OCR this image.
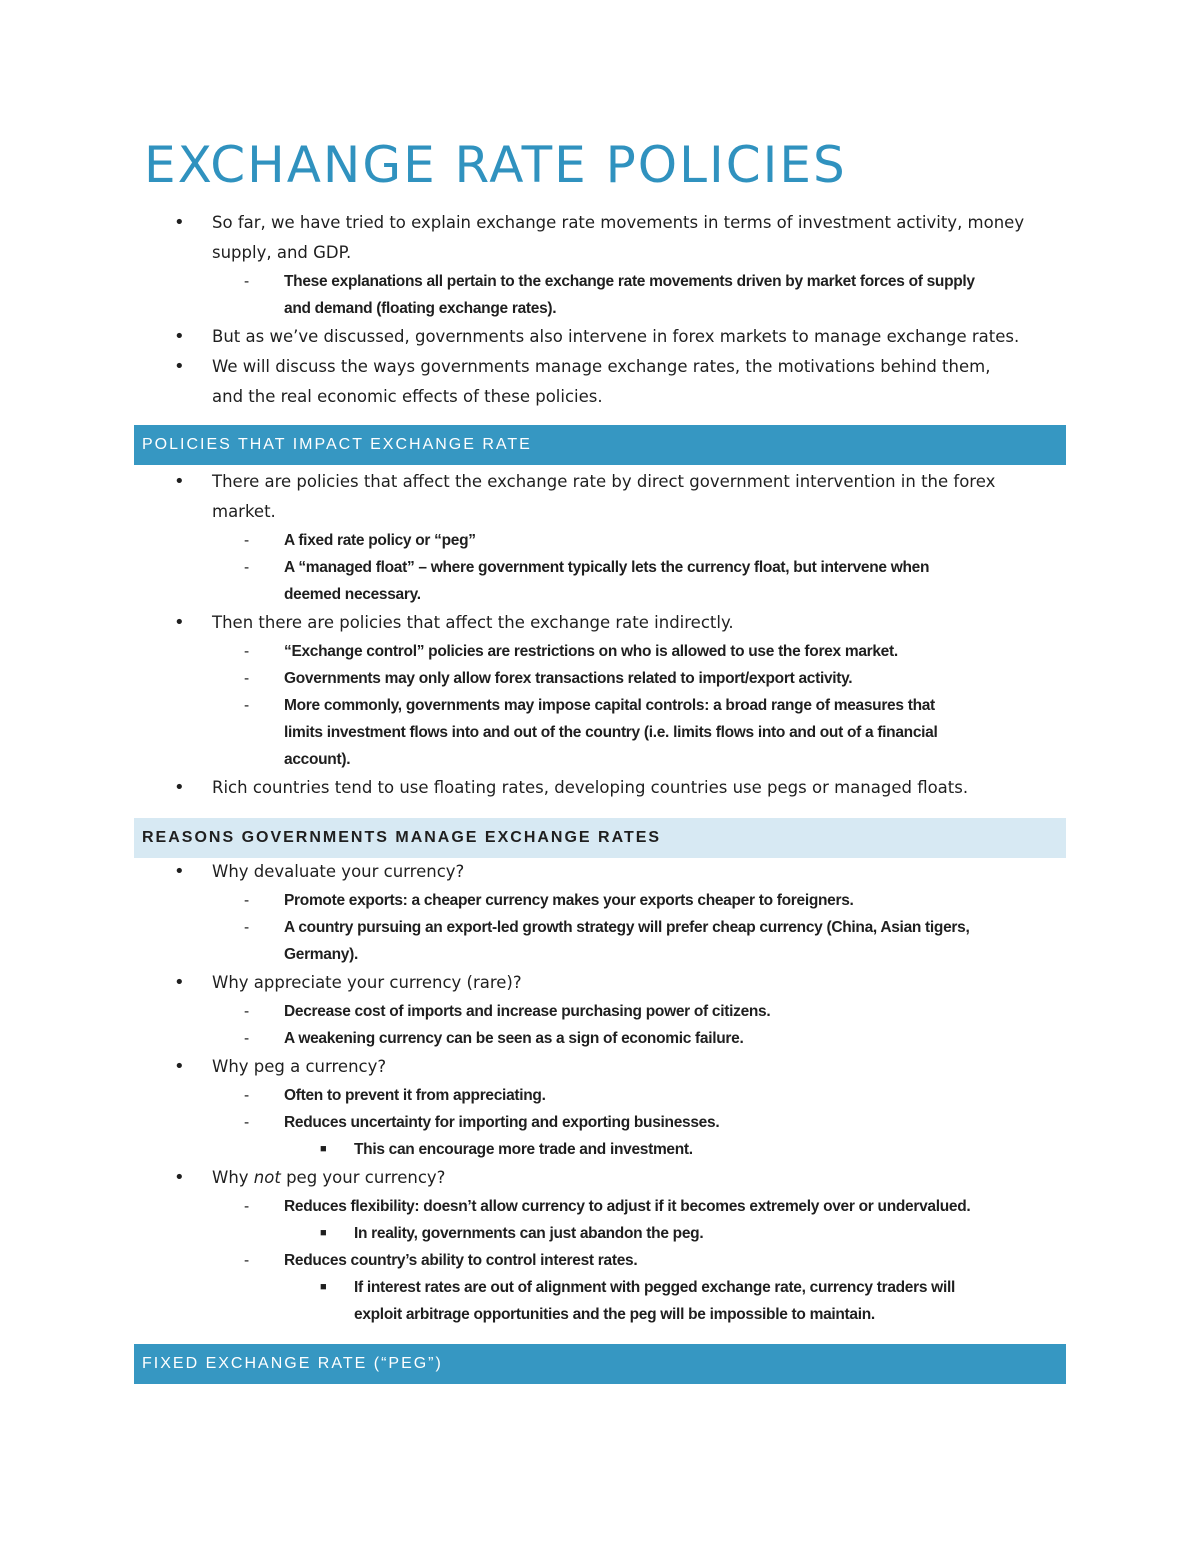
EXCHANGE RATE POLICIES
• So far, we have tried to explain exchange rate movements in terms of investment activity, money
supply, and GDP.
- These explanations all pertain to the exchange rate movements driven by market forces of supply
and demand (floating exchange rates).
• But as we’ve discussed, governments also intervene in forex markets to manage exchange rates.
• We will discuss the ways governments manage exchange rates, the motivations behind them,
and the real economic effects of these policies.
POLICIES THAT IMPACT EXCHANGE RATE
• There are policies that affect the exchange rate by direct government intervention in the forex
market.
- A fixed rate policy or “peg”
- A “managed float” – where government typically lets the currency float, but intervene when
deemed necessary.
• Then there are policies that affect the exchange rate indirectly.
- “Exchange control” policies are restrictions on who is allowed to use the forex market.
- Governments may only allow forex transactions related to import/export activity.
- More commonly, governments may impose capital controls: a broad range of measures that
limits investment flows into and out of the country (i.e. limits flows into and out of a financial
account).
• Rich countries tend to use floating rates, developing countries use pegs or managed floats.
REASONS GOVERNMENTS MANAGE EXCHANGE RATES
• Why devaluate your currency?
- Promote exports: a cheaper currency makes your exports cheaper to foreigners.
- A country pursuing an export-led growth strategy will prefer cheap currency (China, Asian tigers,
Germany).
• Why appreciate your currency (rare)?
- Decrease cost of imports and increase purchasing power of citizens.
- A weakening currency can be seen as a sign of economic failure.
• Why peg a currency?
- Often to prevent it from appreciating.
- Reduces uncertainty for importing and exporting businesses.
■ This can encourage more trade and investment.
• Why not peg your currency?
- Reduces flexibility: doesn’t allow currency to adjust if it becomes extremely over or undervalued.
■ In reality, governments can just abandon the peg.
- Reduces country’s ability to control interest rates.
■ If interest rates are out of alignment with pegged exchange rate, currency traders will
exploit arbitrage opportunities and the peg will be impossible to maintain.
FIXED EXCHANGE RATE (“PEG”)
